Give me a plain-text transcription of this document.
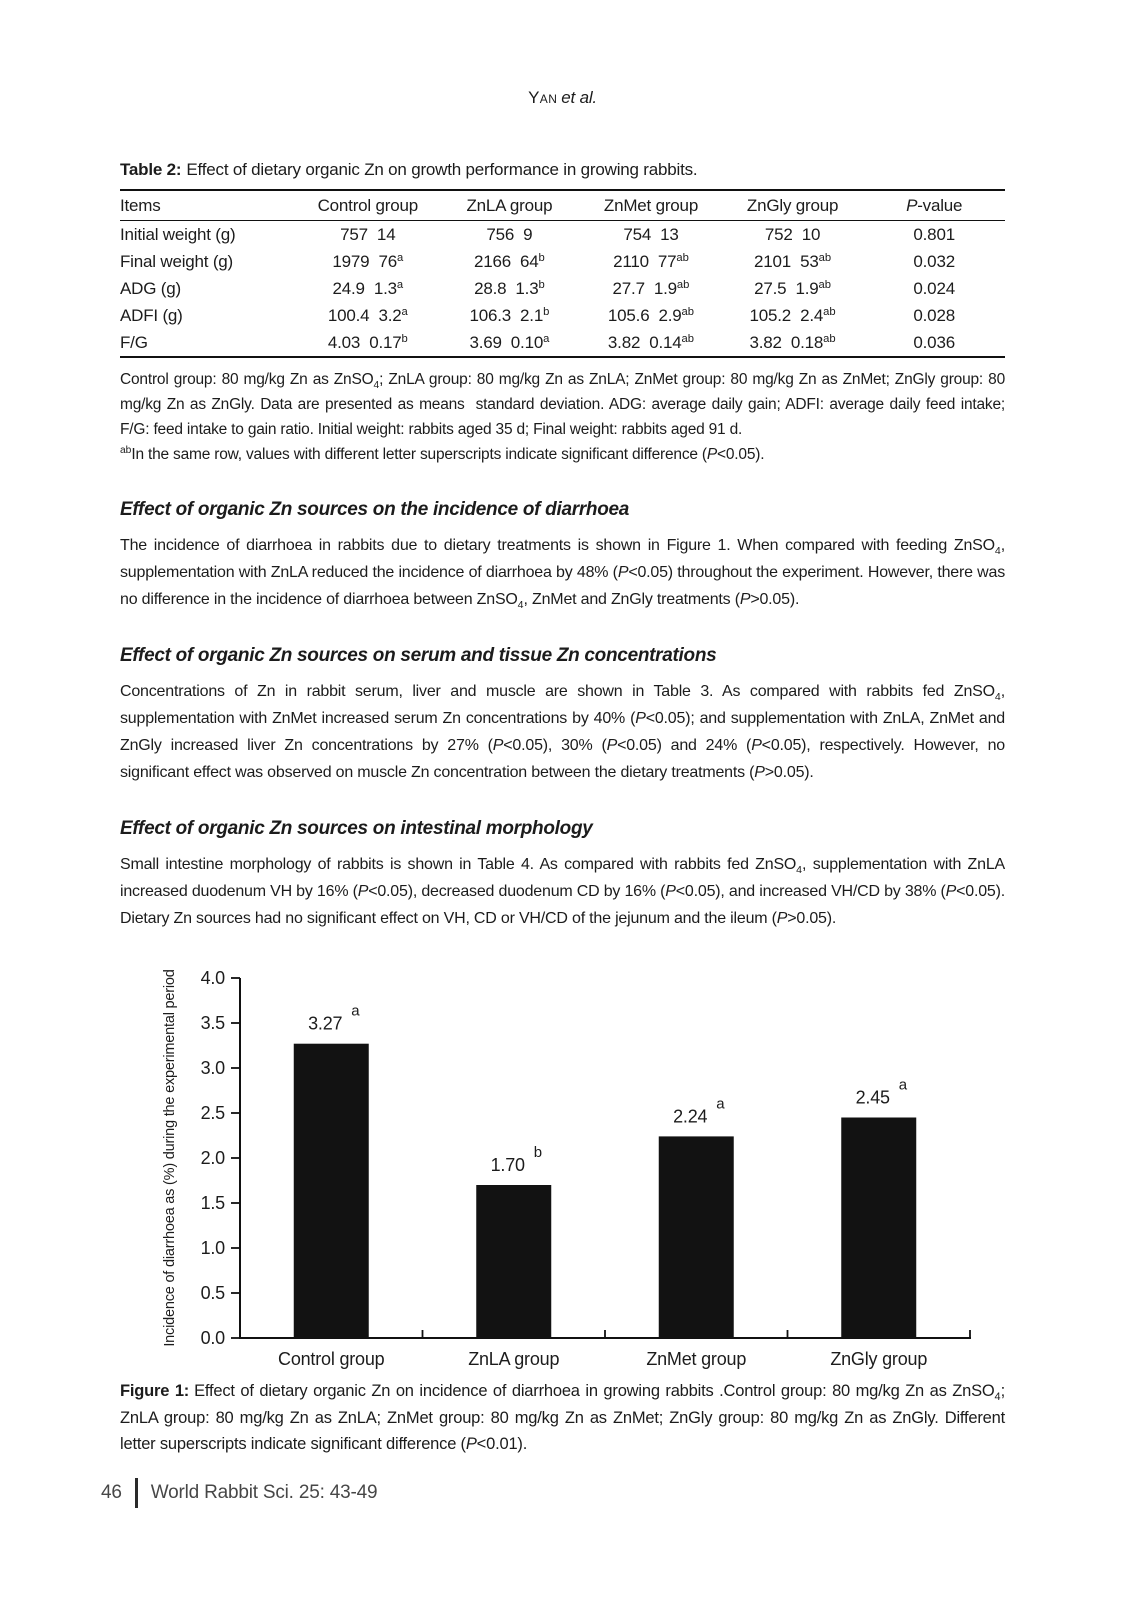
Yan et al.

Table 2: Effect of dietary organic Zn on growth performance in growing rabbits.

Items	Control group	ZnLA group	ZnMet group	ZnGly group	P-value
Initial weight (g)	757  14	756  9	754  13	752  10	0.801
Final weight (g)	1979  76$^a$	2166  64$^b$	2110  $77^{ab}$	2101  $53^{ab}$	0.032
ADG (g)	24.9  1.3$^a$	28.8  1.3$^b$	27.7  1.9$^{ab}$	27.5  1.9$^{ab}$	0.024
ADFI (g)	100.4  3.2$^a$	106.3  2.1$^b$	105.6  2.9$^{ab}$	105.2  2.4$^{ab}$	0.028
F/G	4.03  0.17$^b$	3.69  0.10$^a$	3.82  0.14$^{ab}$	3.82  0.18$^{ab}$	0.036

Control group: 80 mg/kg Zn as ZnSO$_4$; ZnLA group: 80 mg/kg Zn as ZnLA; ZnMet group: 80 mg/kg Zn as ZnMet; ZnGly group: 80 mg/kg Zn as ZnGly. Data are presented as means  standard deviation. ADG: average daily gain; ADFI: average daily feed intake; F/G: feed intake to gain ratio. Initial weight: rabbits aged 35 d; Final weight: rabbits aged 91 d.

$^{ab}$In the same row, values with different letter superscripts indicate significant difference (P<0.05).

Effect of organic Zn sources on the incidence of diarrhoea

The incidence of diarrhoea in rabbits due to dietary treatments is shown in Figure 1. When compared with feeding ZnSO$_4$, supplementation with ZnLA reduced the incidence of diarrhoea by 48% (P<0.05) throughout the experiment. However, there was no difference in the incidence of diarrhoea between ZnSO$_4$, ZnMet and ZnGly treatments (P>0.05).

Effect of organic Zn sources on serum and tissue Zn concentrations

Concentrations of Zn in rabbit serum, liver and muscle are shown in Table 3. As compared with rabbits fed ZnSO$_4$, supplementation with ZnMet increased serum Zn concentrations by 40% (P<0.05); and supplementation with ZnLA, ZnMet and ZnGly increased liver Zn concentrations by 27% (P<0.05), 30% (P<0.05) and 24% (P<0.05), respectively. However, no significant effect was observed on muscle Zn concentration between the dietary treatments (P>0.05).

Effect of organic Zn sources on intestinal morphology

Small intestine morphology of rabbits is shown in Table 4. As compared with rabbits fed ZnSO$_4$, supplementation with ZnLA increased duodenum VH by 16% (P<0.05), decreased duodenum CD by 16% (P<0.05), and increased VH/CD by 38% (P<0.05). Dietary Zn sources had no significant effect on VH, CD or VH/CD of the jejunum and the ileum (P>0.05).

0.0
0.5
1.0
1.5
2.0
2.5
3.0
3.5
4.0
3.27
a
Control group
1.70
b
ZnLA group
2.24
a
ZnMet group
2.45
a
ZnGly group
Incidence of diarrhoea as (%) during the experimental period
Figure 1: Effect of dietary organic Zn on incidence of diarrhoea in growing rabbits .Control group: 80 mg/kg Zn as ZnSO$_4$; ZnLA group: 80 mg/kg Zn as ZnLA; ZnMet group: 80 mg/kg Zn as ZnMet; ZnGly group: 80 mg/kg Zn as ZnGly. Different letter superscripts indicate significant difference (P<0.01).
46 World Rabbit Sci. 25: 43-49
